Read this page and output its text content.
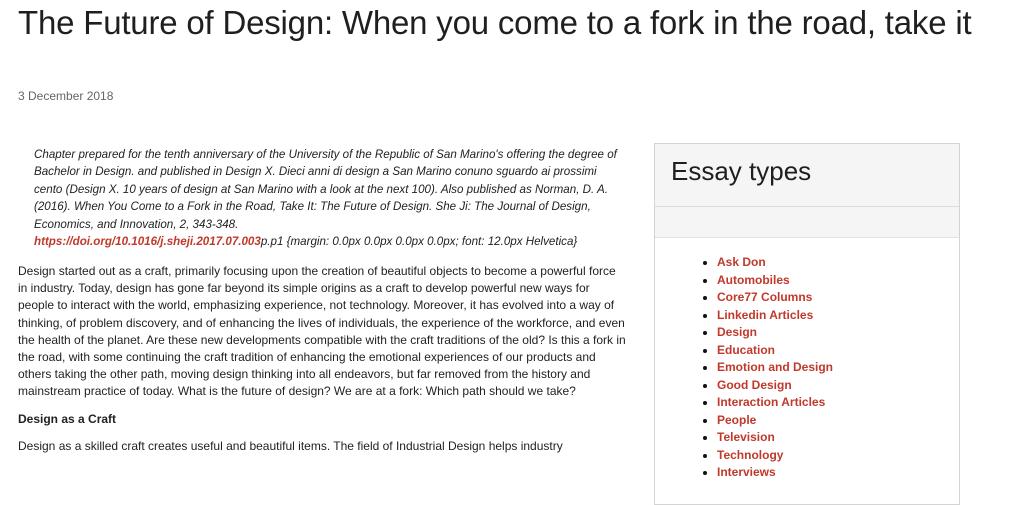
The Future of Design: When you come to a fork in the road, take it
3 December 2018
Chapter prepared for the tenth anniversary of the University of the Republic of San Marino's offering the degree of Bachelor in Design. and published in Design X. Dieci anni di design a San Marino conuno sguardo ai prossimi cento (Design X. 10 years of design at San Marino with a look at the next 100). Also published as Norman, D. A. (2016). When You Come to a Fork in the Road, Take It: The Future of Design. She Ji: The Journal of Design, Economics, and Innovation, 2, 343-348.
https://doi.org/10.1016/j.sheji.2017.07.003p.p1 {margin: 0.0px 0.0px 0.0px 0.0px; font: 12.0px Helvetica}

Design started out as a craft, primarily focusing upon the creation of beautiful objects to become a powerful force in industry. Today, design has gone far beyond its simple origins as a craft to develop powerful new ways for people to interact with the world, emphasizing experience, not technology. Moreover, it has evolved into a way of thinking, of problem discovery, and of enhancing the lives of individuals, the experience of the workforce, and even the health of the planet. Are these new developments compatible with the craft traditions of the old? Is this a fork in the road, with some continuing the craft tradition of enhancing the emotional experiences of our products and others taking the other path, moving design thinking into all endeavors, but far removed from the history and mainstream practice of today. What is the future of design? We are at a fork: Which path should we take?

Design as a Craft

Design as a skilled craft creates useful and beautiful items. The field of Industrial Design helps industry

Essay types
• Ask Don
• Automobiles
• Core77 Columns
• Linkedin Articles
• Design
• Education
• Emotion and Design
• Good Design
• Interaction Articles
• People
• Television
• Technology
• Interviews
